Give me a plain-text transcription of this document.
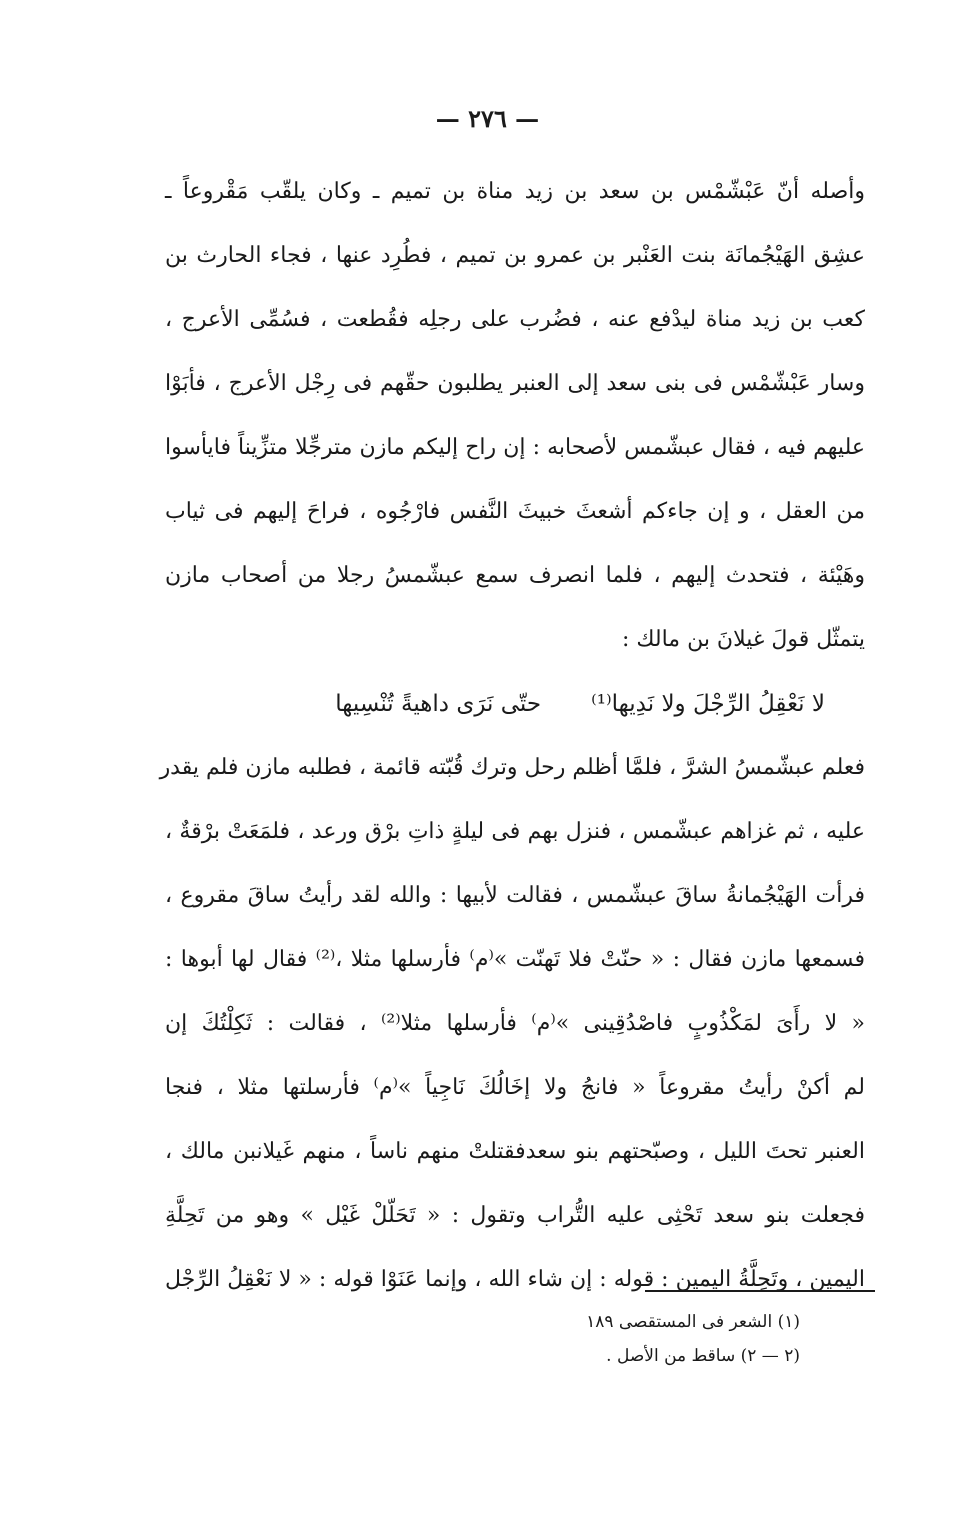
— ٢٧٦ —
وأصله أنّ عَبْشّمْس بن سعد بن زيد مناة بن تميم ـ وكان يلقّب مَقْروعاً ـ
عشِق الهَيْجُمانَة بنت العَنْبر بن عمرو بن تميم ، فطُرِد عنها ، فجاء الحارث بن
كعب بن زيد مناة ليدْفع عنه ، فضُرب على رجلِه فقُطعت ، فسُمِّى الأعرج ،
وسار عَبْشّمْس فى بنى سعد إلى العنبر يطلبون حقّهم فى رِجْل الأعرج ، فأبَوْا
عليهم فيه ، فقال عبشّمس لأصحابه : إن راح إليكم مازن مترجِّلا متزِّيناً فايأسوا
من العقل ، و إن جاءكم أشعثَ خبيثَ النَّفس فارْجُوه ، فراحَ إليهم فى ثياب
وهَيْئة ، فتحدث إليهم ، فلما انصرف سمع عبشّمسُ رجلا من أصحاب مازن
يتمثّل قولَ غيلانَ بن مالك :
لا نَعْقِلُ الرِّجْلَ ولا نَدِيها⁽¹⁾
حتّى نَرَى داهيةً تُنْسِيها
فعلم عبشّمسُ الشرَّ ، فلمَّا أظلم رحل وترك قُبّته قائمة ، فطلبه مازن فلم يقدر
عليه ، ثم غزاهم عبشّمس ، فنزل بهم فى ليلةٍ ذاتِ برْق ورعد ، فلمَعَتْ برْقةٌ ،
فرأت الهَيْجُمانةُ ساقَ عبشّمس ، فقالت لأبيها : والله لقد رأيتُ ساقَ مقروع ،
فسمعها مازن فقال : « حنّتْ فلا تَهنّت »⁽م⁾ فأرسلها مثلا ،⁽²⁾ فقال لها أبوها :
« لا رأَىَ لمَكْذُوبٍ فاصْدُقِينى »⁽م⁾ فأرسلها مثلا⁽²⁾ ، فقالت : ثَكِلْتُكَ إن
لم أكنْ رأيتُ مقروعاً « فانجُ ولا إخَالُكَ نَاجِياً »⁽م⁾ فأرسلتها مثلا ، فنجا
العنبر تحتَ الليل ، وصبّحتهم بنو سعدفقتلتْ منهم ناساً ، منهم غَيلانبن مالك ،
فجعلت بنو سعد تَحْثِى عليه التُّراب وتقول : « تَحَلّلْ غَيْل » وهو من تَحِلَّةِ
اليمين ، وتَحِلَّةُ اليمين : قوله : إن شاء الله ، وإنما عَنَوْا قوله : « لا نَعْقِلُ الرِّجْل
(١) الشعر فى المستقصى ١٨٩
(٢ — ٢) ساقط من الأصل .
